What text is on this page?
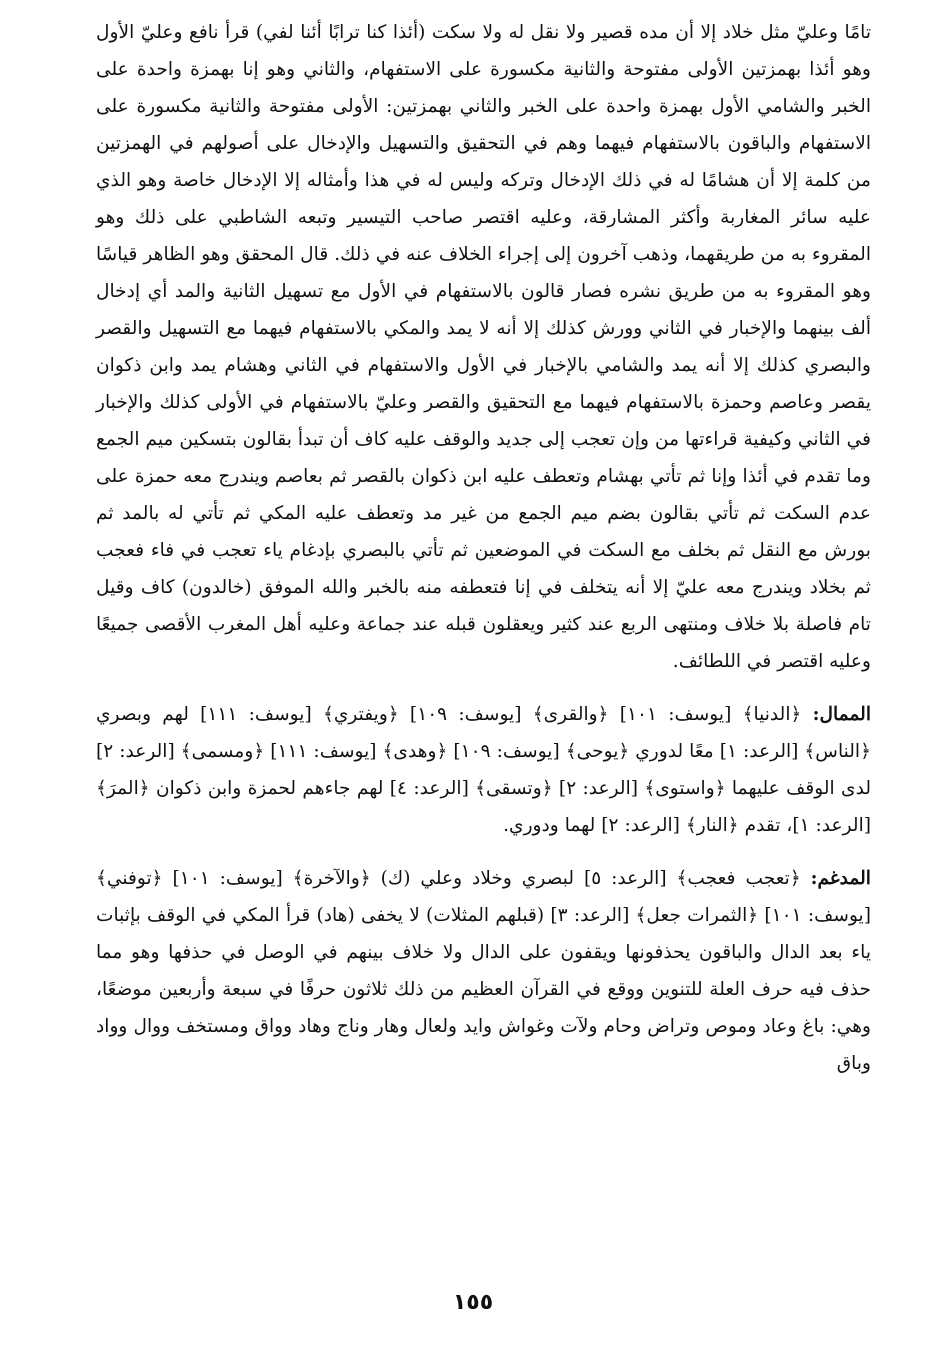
تامًا وعليّ مثل خلاد إلا أن مده قصير ولا نقل له ولا سكت (أئذا كنا ترابًا أئنا لفي) قرأ نافع وعليّ الأول وهو أئذا بهمزتين الأولى مفتوحة والثانية مكسورة على الاستفهام، والثاني وهو إنا بهمزة واحدة على الخبر والشامي الأول بهمزة واحدة على الخبر والثاني بهمزتين: الأولى مفتوحة والثانية مكسورة على الاستفهام والباقون بالاستفهام فيهما وهم في التحقيق والتسهيل والإدخال على أصولهم في الهمزتين من كلمة إلا أن هشامًا له في ذلك الإدخال وتركه وليس له في هذا وأمثاله إلا الإدخال خاصة وهو الذي عليه سائر المغاربة وأكثر المشارقة، وعليه اقتصر صاحب التيسير وتبعه الشاطبي على ذلك وهو المقروء به من طريقهما، وذهب آخرون إلى إجراء الخلاف عنه في ذلك. قال المحقق وهو الظاهر قياسًا وهو المقروء به من طريق نشره فصار قالون بالاستفهام في الأول مع تسهيل الثانية والمد أي إدخال ألف بينهما والإخبار في الثاني وورش كذلك إلا أنه لا يمد والمكي بالاستفهام فيهما مع التسهيل والقصر والبصري كذلك إلا أنه يمد والشامي بالإخبار في الأول والاستفهام في الثاني وهشام يمد وابن ذكوان يقصر وعاصم وحمزة بالاستفهام فيهما مع التحقيق والقصر وعليّ بالاستفهام في الأولى كذلك والإخبار في الثاني وكيفية قراءتها من وإن تعجب إلى جديد والوقف عليه كاف أن تبدأ بقالون بتسكين ميم الجمع وما تقدم في أئذا وإنا ثم تأتي بهشام وتعطف عليه ابن ذكوان بالقصر ثم بعاصم ويندرج معه حمزة على عدم السكت ثم تأتي بقالون بضم ميم الجمع من غير مد وتعطف عليه المكي ثم تأتي له بالمد ثم بورش مع النقل ثم بخلف مع السكت في الموضعين ثم تأتي بالبصري بإدغام ياء تعجب في فاء فعجب ثم بخلاد ويندرج معه عليّ إلا أنه يتخلف في إنا فتعطفه منه بالخبر والله الموفق (خالدون) كاف وقيل تام فاصلة بلا خلاف ومنتهى الربع عند كثير ويعقلون قبله عند جماعة وعليه أهل المغرب الأقصى جميعًا وعليه اقتصر في اللطائف.

الممال: ﴿الدنيا﴾ [يوسف: ١٠١] ﴿والقرى﴾ [يوسف: ١٠٩] ﴿ويفتري﴾ [يوسف: ١١١] لهم وبصري ﴿الناس﴾ [الرعد: ١] معًا لدوري ﴿يوحى﴾ [يوسف: ١٠٩] ﴿وهدى﴾ [يوسف: ١١١] ﴿ومسمى﴾ [الرعد: ٢] لدى الوقف عليهما ﴿واستوى﴾ [الرعد: ٢] ﴿وتسقى﴾ [الرعد: ٤] لهم جاءهم لحمزة وابن ذكوان ﴿المرَ﴾ [الرعد: ١]، تقدم ﴿النار﴾ [الرعد: ٢] لهما ودوري.

المدغم: ﴿تعجب فعجب﴾ [الرعد: ٥] لبصري وخلاد وعلي (ك) ﴿والآخرة﴾ [يوسف: ١٠١] ﴿توفني﴾ [يوسف: ١٠١] ﴿الثمرات جعل﴾ [الرعد: ٣] (قبلهم المثلات) لا يخفى (هاد) قرأ المكي في الوقف بإثبات ياء بعد الدال والباقون يحذفونها ويقفون على الدال ولا خلاف بينهم في الوصل في حذفها وهو مما حذف فيه حرف العلة للتنوين ووقع في القرآن العظيم من ذلك ثلاثون حرفًا في سبعة وأربعين موضعًا، وهي: باغ وعاد وموص وتراض وحام ولآت وغواش وايد ولعال وهار وناج وهاد وواق ومستخف ووال وواد وباق

١٥٥
